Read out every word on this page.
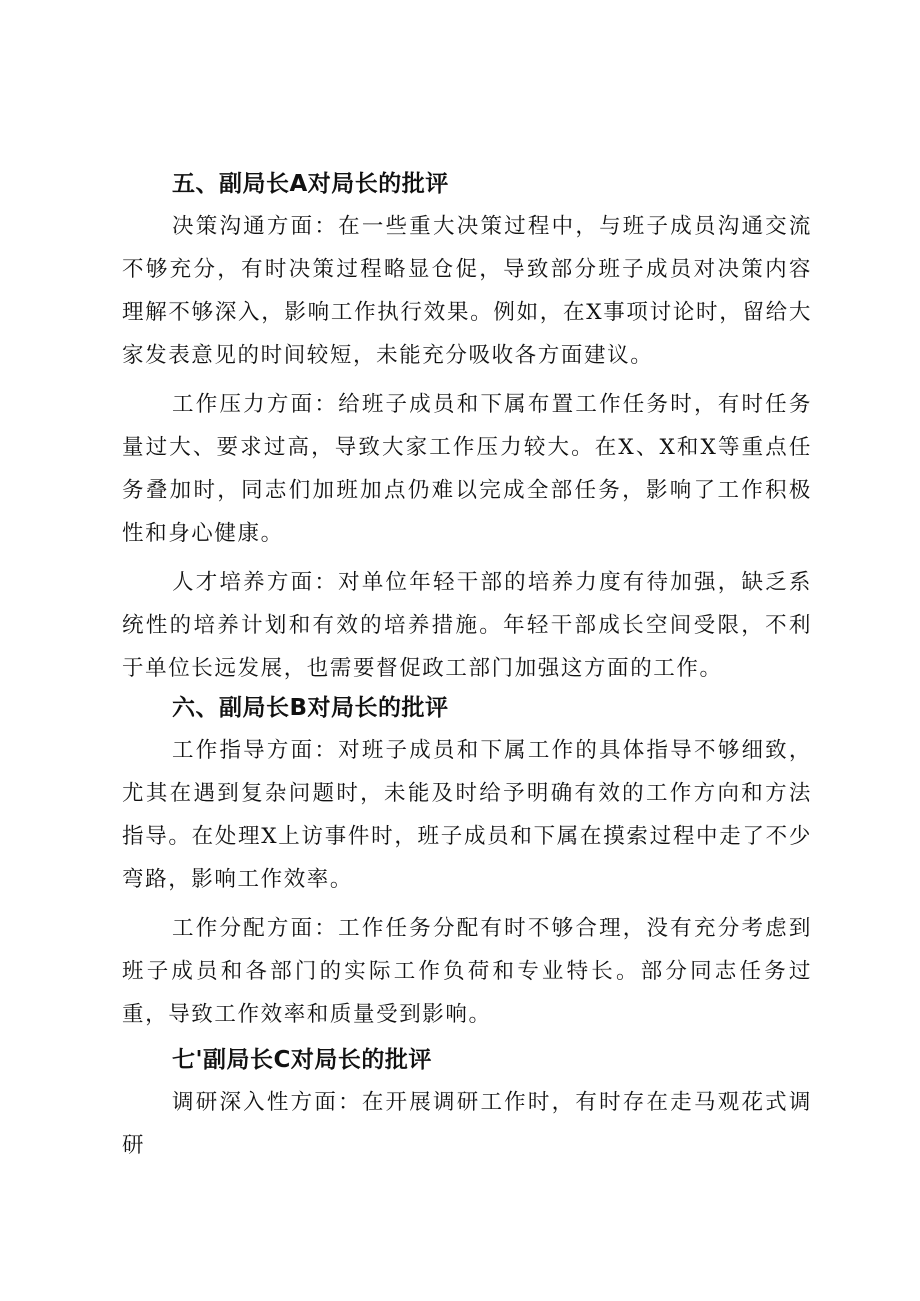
五、副局长A对局长的批评

决策沟通方面：在一些重大决策过程中，与班子成员沟通交流不够充分，有时决策过程略显仓促，导致部分班子成员对决策内容理解不够深入，影响工作执行效果。例如，在X事项讨论时，留给大家发表意见的时间较短，未能充分吸收各方面建议。

工作压力方面：给班子成员和下属布置工作任务时，有时任务量过大、要求过高，导致大家工作压力较大。在X、X和X等重点任务叠加时，同志们加班加点仍难以完成全部任务，影响了工作积极性和身心健康。

人才培养方面：对单位年轻干部的培养力度有待加强，缺乏系统性的培养计划和有效的培养措施。年轻干部成长空间受限，不利于单位长远发展，也需要督促政工部门加强这方面的工作。

六、副局长B对局长的批评

工作指导方面：对班子成员和下属工作的具体指导不够细致，尤其在遇到复杂问题时，未能及时给予明确有效的工作方向和方法指导。在处理X上访事件时，班子成员和下属在摸索过程中走了不少弯路，影响工作效率。

工作分配方面：工作任务分配有时不够合理，没有充分考虑到班子成员和各部门的实际工作负荷和专业特长。部分同志任务过重，导致工作效率和质量受到影响。

七'副局长C对局长的批评

调研深入性方面：在开展调研工作时，有时存在走马观花式调研
